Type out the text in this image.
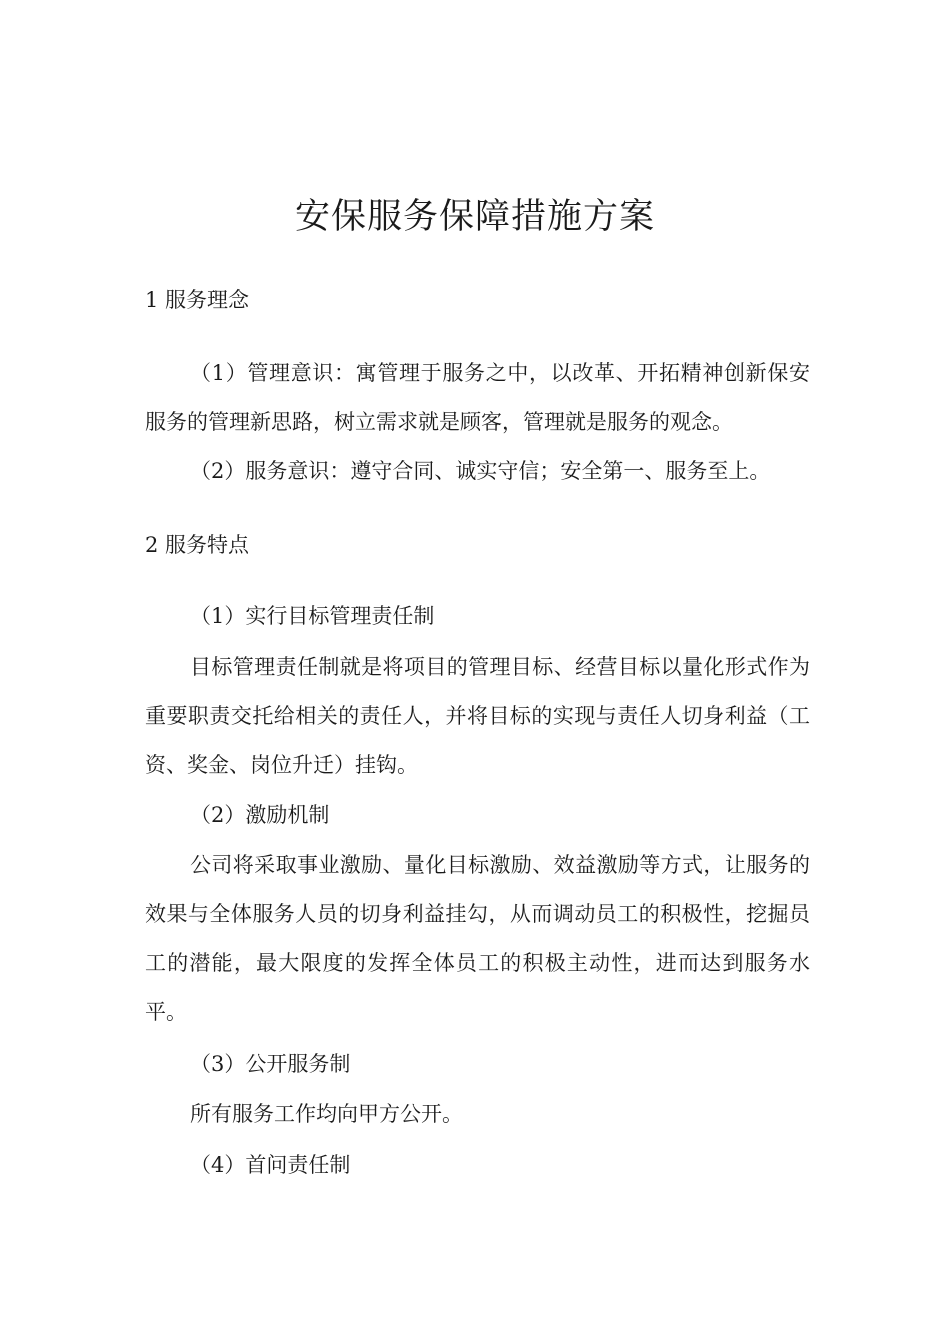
安保服务保障措施方案
1 服务理念

（1）管理意识：寓管理于服务之中，以改革、开拓精神创新保安服务的管理新思路，树立需求就是顾客，管理就是服务的观念。

（2）服务意识：遵守合同、诚实守信；安全第一、服务至上。

2 服务特点

（1）实行目标管理责任制

目标管理责任制就是将项目的管理目标、经营目标以量化形式作为重要职责交托给相关的责任人，并将目标的实现与责任人切身利益（工资、奖金、岗位升迁）挂钩。

（2）激励机制

公司将采取事业激励、量化目标激励、效益激励等方式，让服务的效果与全体服务人员的切身利益挂勾，从而调动员工的积极性，挖掘员工的潜能，最大限度的发挥全体员工的积极主动性，进而达到服务水平。

（3）公开服务制

所有服务工作均向甲方公开。

（4）首问责任制
